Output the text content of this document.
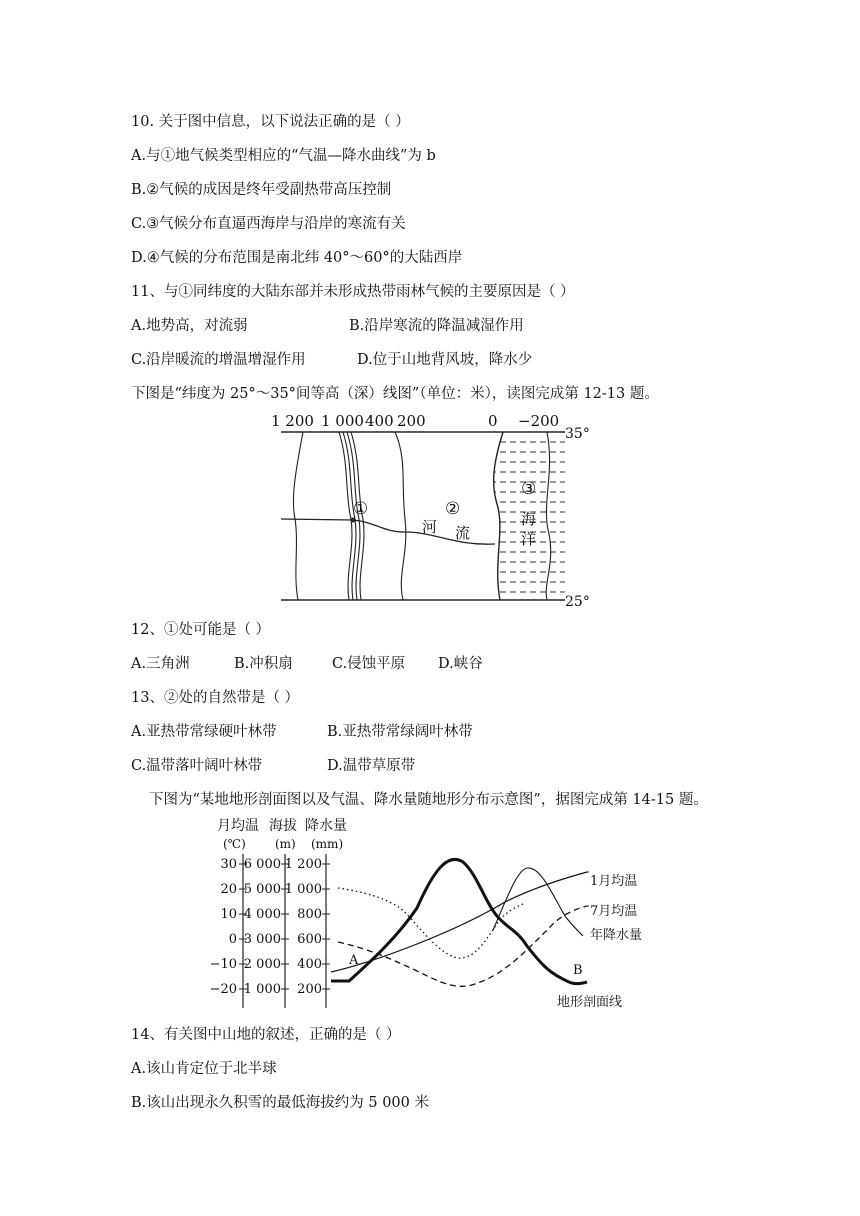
10. 关于图中信息，以下说法正确的是（ ）
A.与①地气候类型相应的“气温—降水曲线”为 b
B.②气候的成因是终年受副热带高压控制
C.③气候分布直逼西海岸与沿岸的寒流有关
D.④气候的分布范围是南北纬 40°～60°的大陆西岸
11、与①同纬度的大陆东部并未形成热带雨林气候的主要原因是（ ）
A.地势高，对流弱	B.沿岸寒流的降温减湿作用
C.沿岸暖流的增温增湿作用	D.位于山地背风坡，降水少
下图是“纬度为 25°～35°间等高（深）线图”（单位：米），读图完成第 12-13 题。
1 200 1 000 400 200	0 −200
35°
25°
①	②
③
河 流
海
洋
12、①处可能是（ ）
A.三角洲	B.冲积扇	C.侵蚀平原 D.峡谷
13、②处的自然带是（ ）
A.亚热带常绿硬叶林带	B.亚热带常绿阔叶林带
C.温带落叶阔叶林带	D.温带草原带
下图为“某地地形剖面图以及气温、降水量随地形分布示意图”，据图完成第 14-15 题。
月均温 海拔 降水量
(℃) (m) (mm)
30
20
10
0
−10
−20
6 000
5 000
4 000
3 000
2 000
1 000
1 200
1 000
800
600
400
200
A
B
1月均温
7月均温
年降水量
地形剖面线
14、有关图中山地的叙述，正确的是（ ）
A.该山肯定位于北半球
B.该山出现永久积雪的最低海拔约为 5 000 米
